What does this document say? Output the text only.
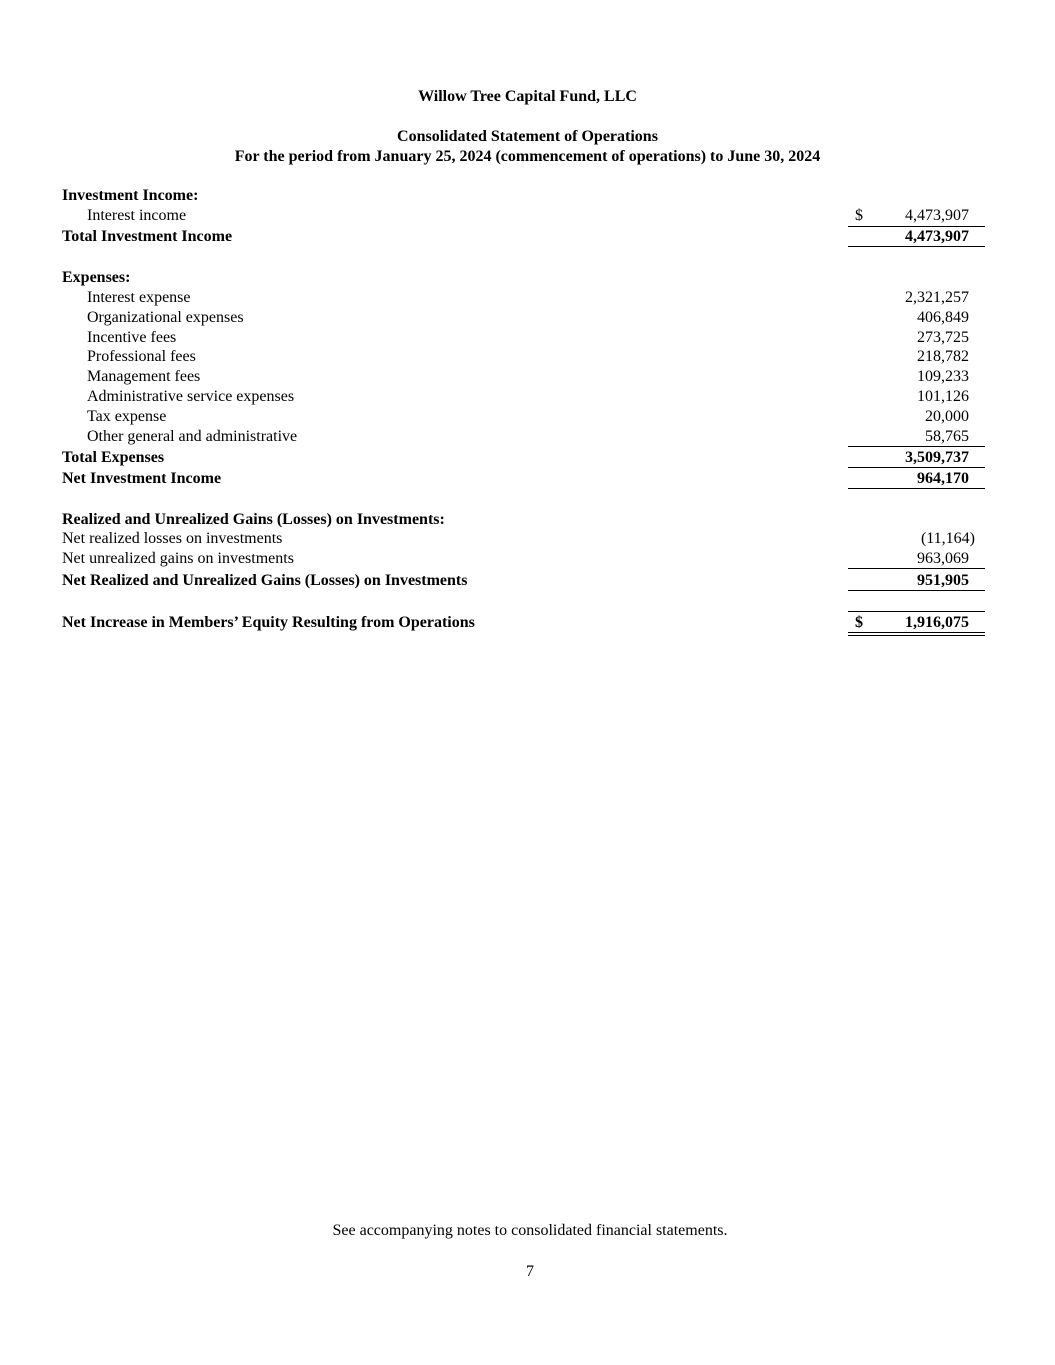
Willow Tree Capital Fund, LLC
Consolidated Statement of Operations
For the period from January 25, 2024 (commencement of operations) to June 30, 2024
Investment Income:
Interest income	$	4,473,907
Total Investment Income	4,473,907
Expenses:
Interest expense	2,321,257
Organizational expenses	406,849
Incentive fees	273,725
Professional fees	218,782
Management fees	109,233
Administrative service expenses	101,126
Tax expense	20,000
Other general and administrative	58,765
Total Expenses	3,509,737
Net Investment Income	964,170
Realized and Unrealized Gains (Losses) on Investments:
Net realized losses on investments	(11,164)
Net unrealized gains on investments	963,069
Net Realized and Unrealized Gains (Losses) on Investments	951,905
Net Increase in Members’ Equity Resulting from Operations	$	1,916,075
See accompanying notes to consolidated financial statements.
7
